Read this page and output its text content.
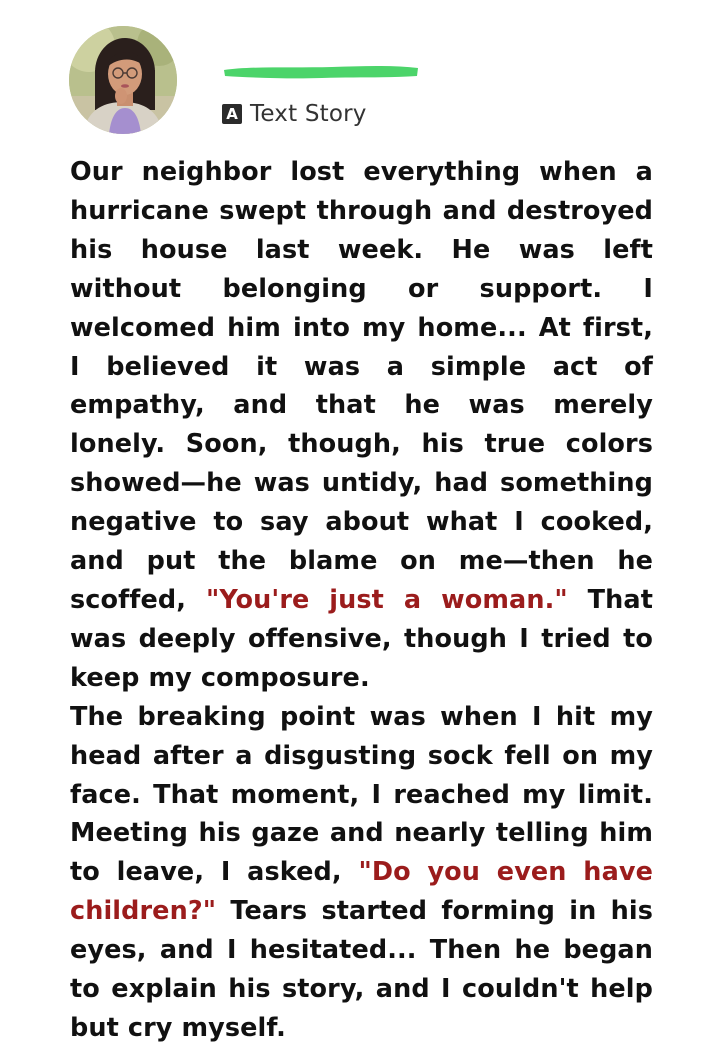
A Text Story

Our neighbor lost everything when a hurricane swept through and destroyed his house last week. He was left without belonging or support. I welcomed him into my home... At first, I believed it was a simple act of empathy, and that he was merely lonely. Soon, though, his true colors showed—he was untidy, had something negative to say about what I cooked, and put the blame on me—then he scoffed, "You're just a woman." That was deeply offensive, though I tried to keep my composure.

The breaking point was when I hit my head after a disgusting sock fell on my face. That moment, I reached my limit. Meeting his gaze and nearly telling him to leave, I asked, "Do you even have children?" Tears started forming in his eyes, and I hesitated... Then he began to explain his story, and I couldn't help but cry myself.
